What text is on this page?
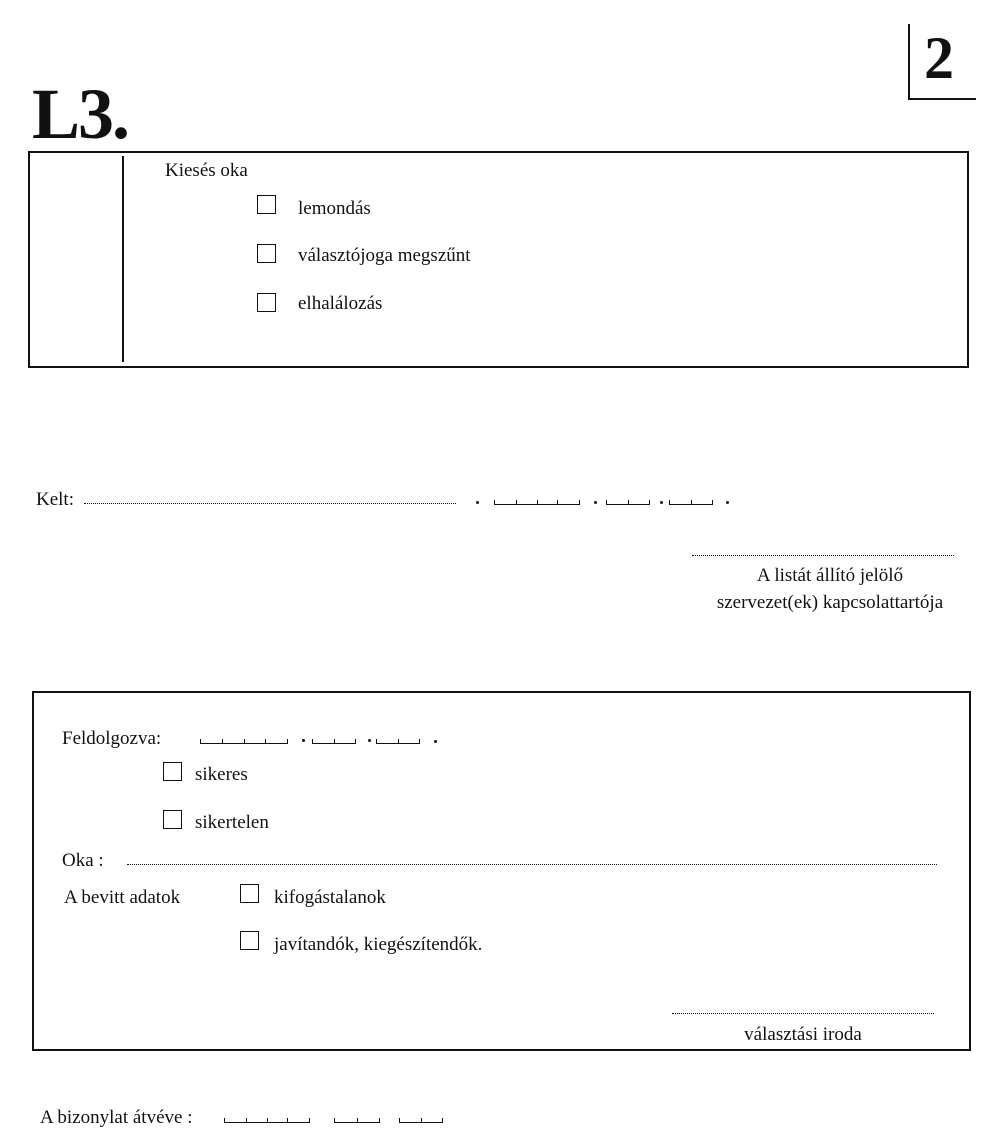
L3.
2
Kiesés oka
lemondás
választójoga megszűnt
elhalálozás
Kelt:
A listát állító jelölő
szervezet(ek) kapcsolattartója
Feldolgozva:
sikeres
sikertelen
Oka :
A bevitt adatok	kifogástalanok
javítandók, kiegészítendők.
választási iroda
A bizonylat átvéve :
